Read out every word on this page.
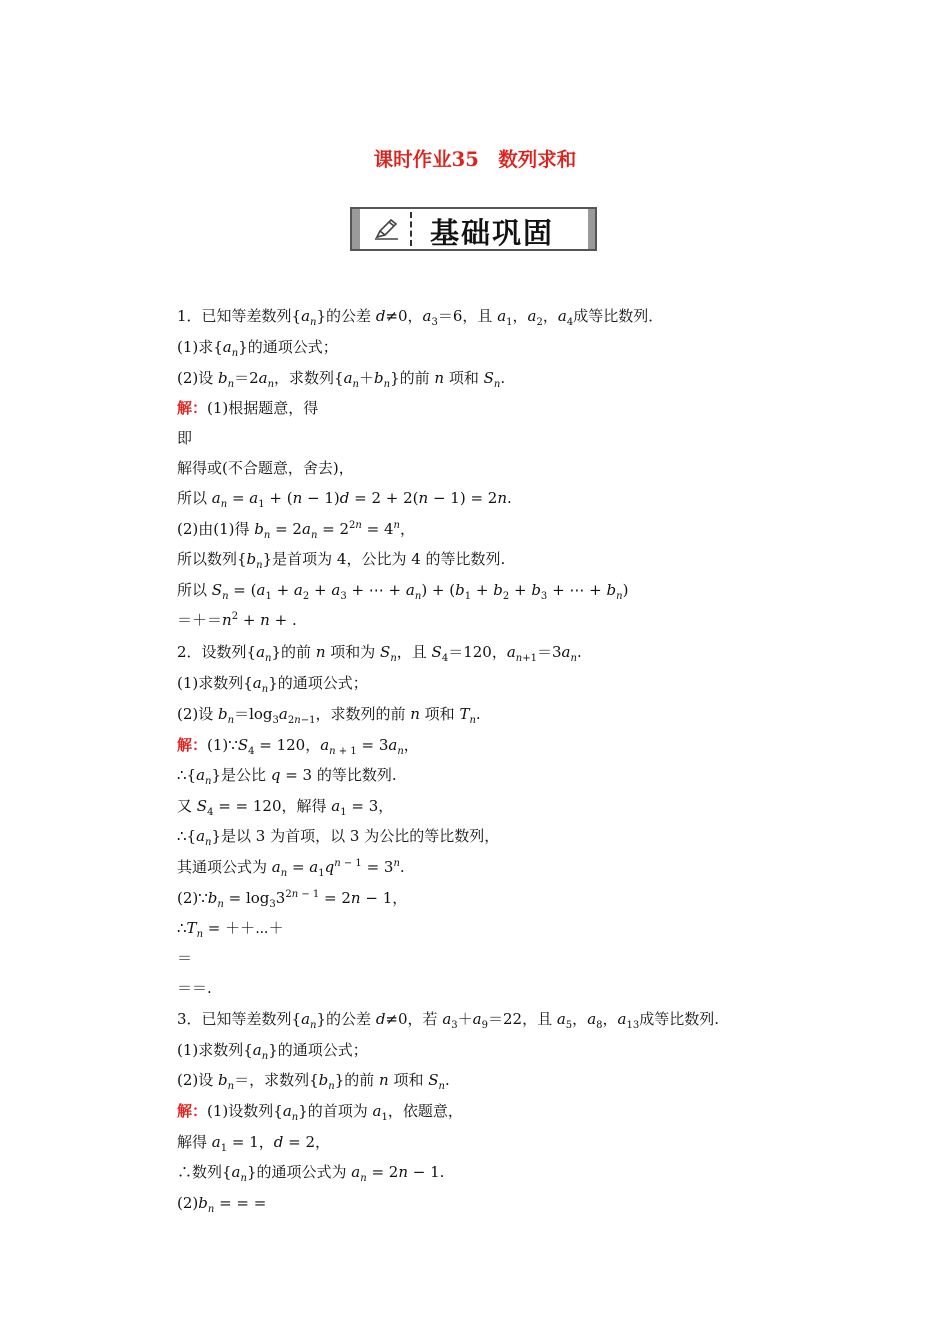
课时作业35　数列求和
基础巩固
1．已知等差数列$\{a_n\}$的公差 d≠0，$a_3=6$，且 $a_1$，$a_2$，$a_4$成等比数列．
(1)求$\{a_n\}$的通项公式；
(2)设 $b_n=2a_n$，求数列$\{a_n+b_n\}$的前 n 项和 $S_n$.
解：(1)根据题意，得
即
解得或(不合题意，舍去)，
所以 $a_n = a_1 + (n - 1)d = 2 + 2(n - 1) = 2n$.
(2)由(1)得 $b_n = 2a_n = 2^{2n} = 4^n$，
所以数列$\{b_n\}$是首项为 4，公比为 4 的等比数列.
所以 $S_n = (a_1 + a_2 + a_3$ + ⋯ + $a_n) + (b_1 + b_2 + b_3$ + ⋯ + $b_n$)
$=+=n^2 + n$ + .
2．设数列$\{a_n\}$的前 n 项和为 $S_n$，且 $S_4=120$，$a_{n+1}=3a_n$.
(1)求数列$\{a_n\}$的通项公式；
(2)设 $b_n=\log_3a_{2n-1}$，求数列的前 n 项和 $T_n$.
解：$(1)\because S_4 = 120$，$a_{n + 1} = 3a_n$，
$\therefore\{a_n\}$是公比 q = 3 的等比数列.
又 $S_4$ = = 120，解得 $a_1 = 3$，
$\therefore\{a_n\}$是以 3 为首项，以 3 为公比的等比数列，
其通项公式为 $a_n = a_1q^{n - 1} = 3^n$.
$(2)\because b_n = \log_33^{2n - 1} = 2n - 1$，
$\therefore T_n$ = ＋＋⋯＋
＝
＝＝.
3．已知等差数列$\{a_n\}$的公差 d≠0，若 $a_3+a_9=22$，且 $a_5$，$a_8$，$a_{13}$成等比数列.
(1)求数列$\{a_n\}$的通项公式；
(2)设 $b_n=$，求数列$\{b_n\}$的前 n 项和 $S_n$.
解：(1)设数列$\{a_n\}$的首项为 $a_1$，依题意，
解得 $a_1 = 1$，d = 2，
∴数列$\{a_n\}$的通项公式为 $a_n = 2n - 1$.
$(2)b_n$ = = =
